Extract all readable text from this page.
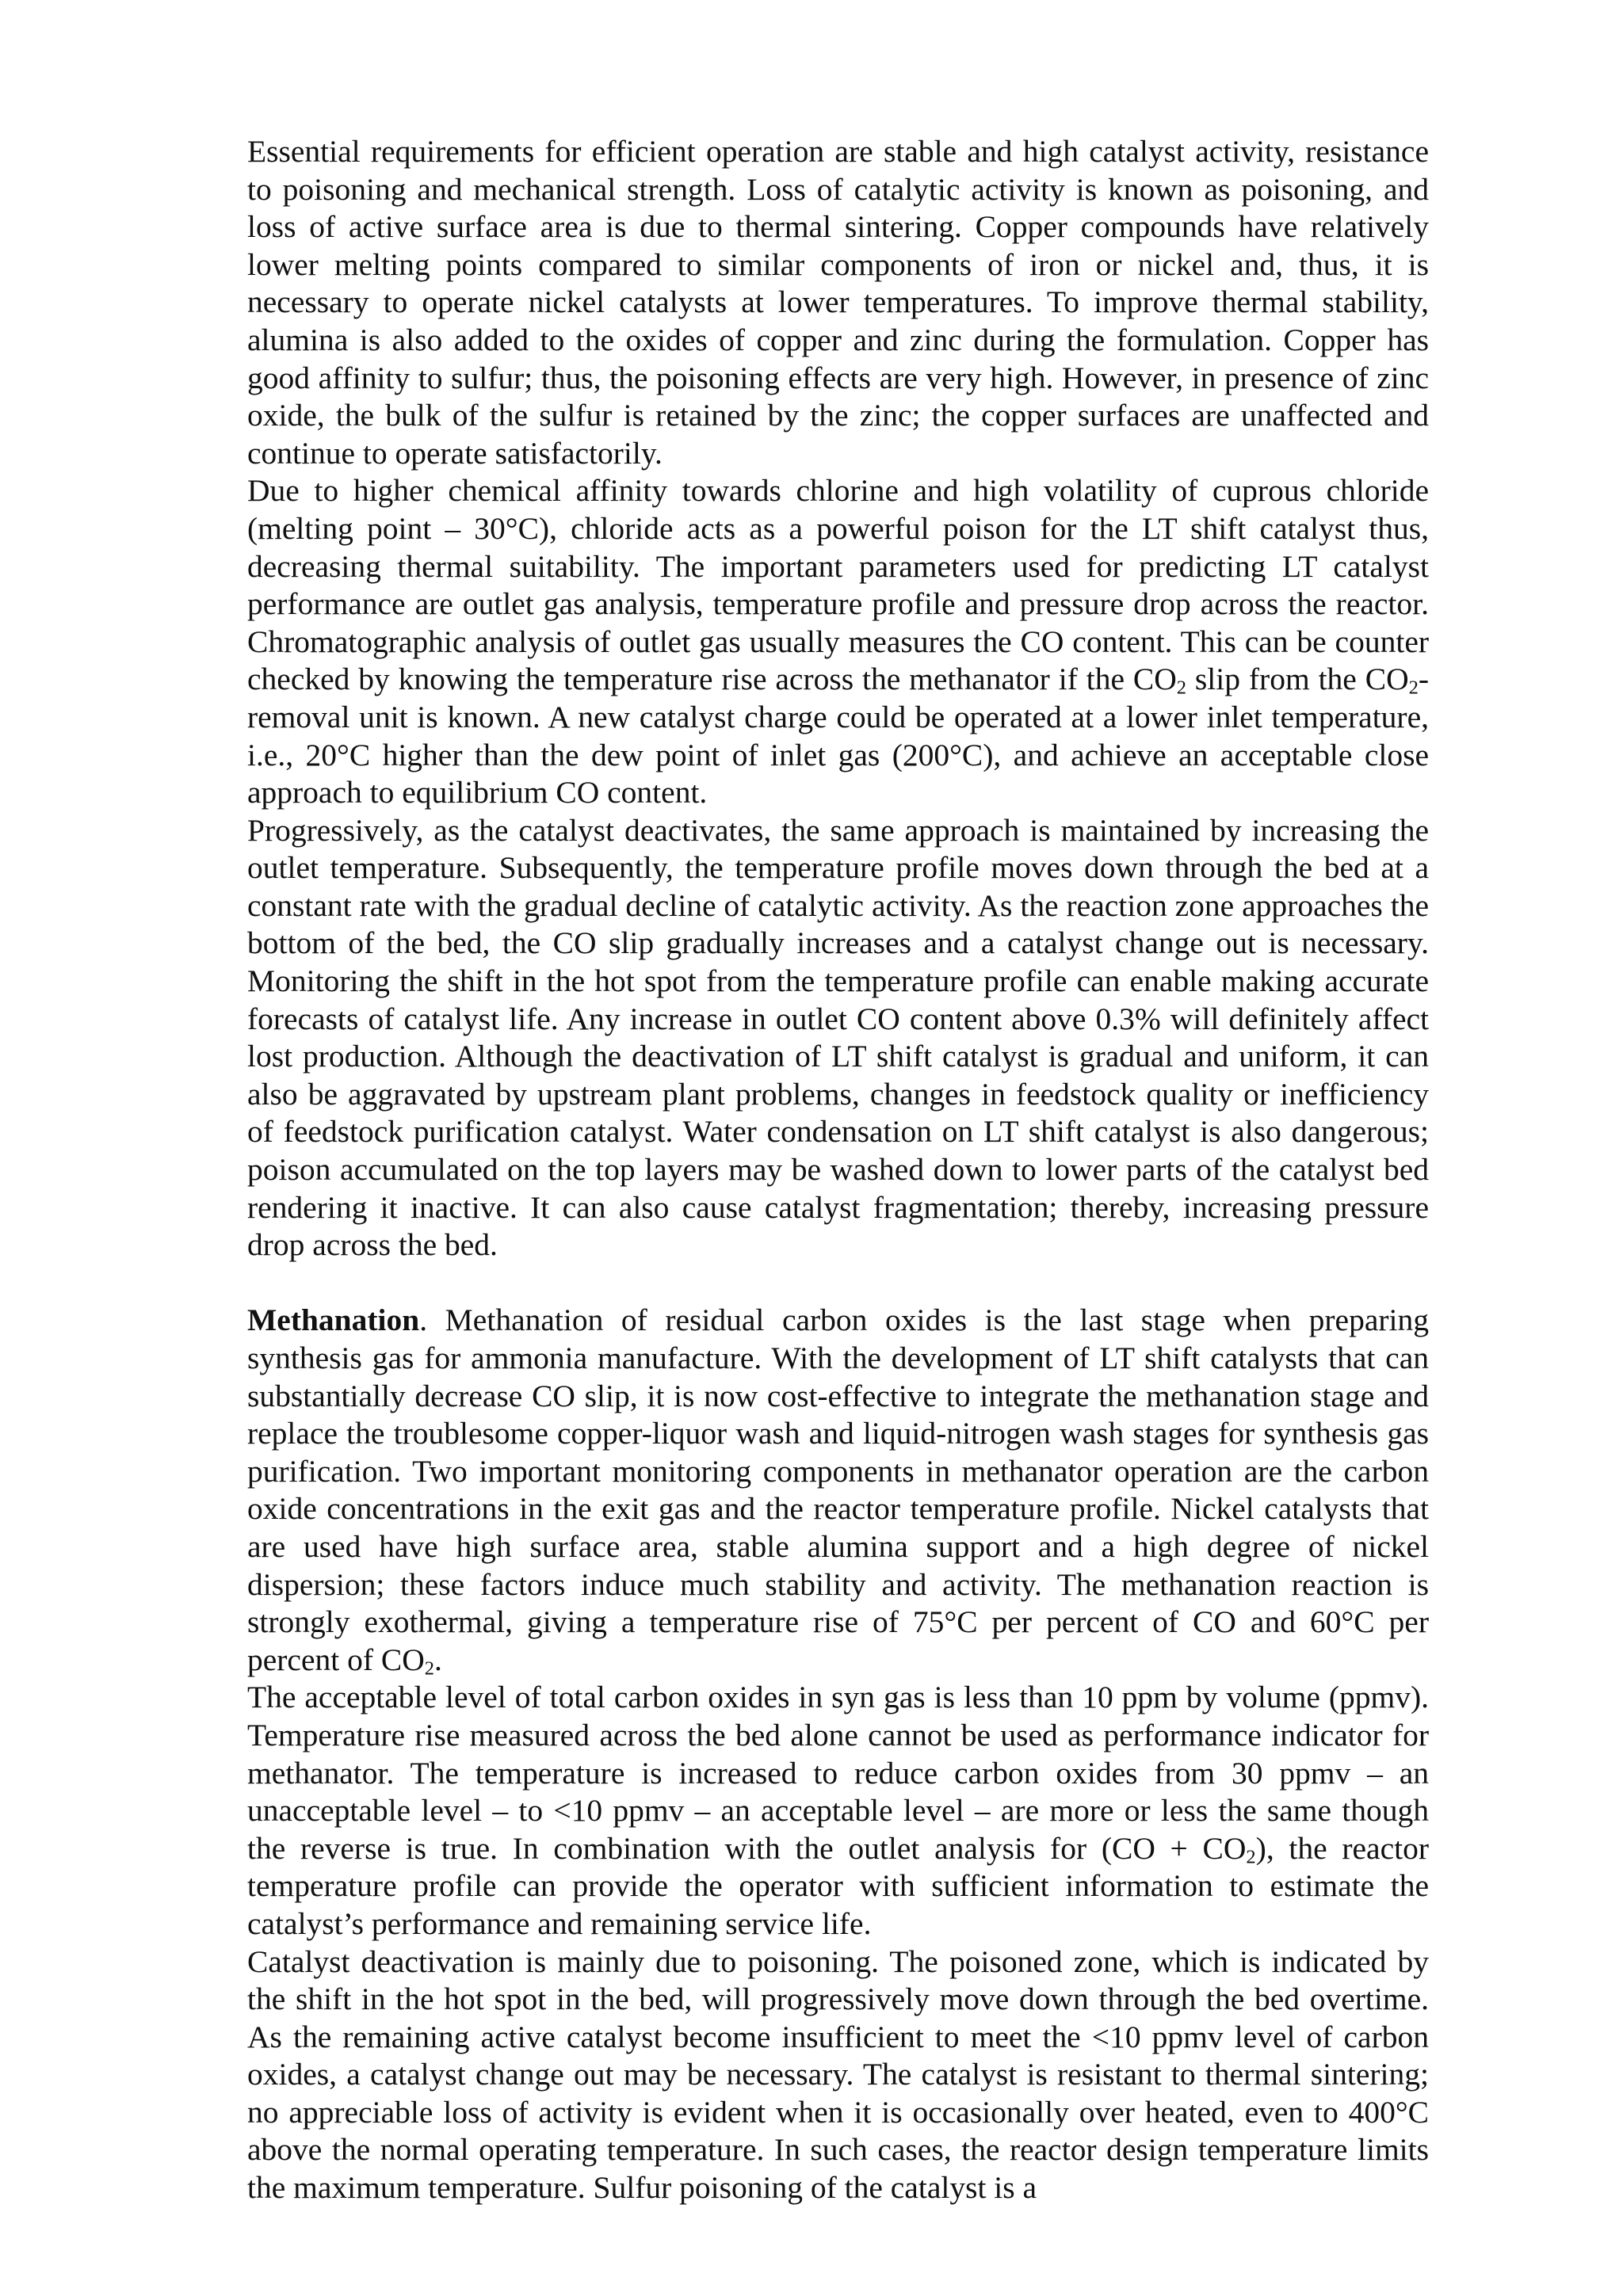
Essential requirements for efficient operation are stable and high catalyst activity, resistance to poisoning and mechanical strength. Loss of catalytic activity is known as poisoning, and loss of active surface area is due to thermal sintering. Copper compounds have relatively lower melting points compared to similar components of iron or nickel and, thus, it is necessary to operate nickel catalysts at lower temperatures. To improve thermal stability, alumina is also added to the oxides of copper and zinc during the formulation. Copper has good affinity to sulfur; thus, the poisoning effects are very high. However, in presence of zinc oxide, the bulk of the sulfur is retained by the zinc; the copper surfaces are unaffected and continue to operate satisfactorily.

Due to higher chemical affinity towards chlorine and high volatility of cuprous chloride (melting point – 30°C), chloride acts as a powerful poison for the LT shift catalyst thus, decreasing thermal suitability. The important parameters used for predicting LT catalyst performance are outlet gas analysis, temperature profile and pressure drop across the reactor. Chromatographic analysis of outlet gas usually measures the CO content. This can be counter checked by knowing the temperature rise across the methanator if the $CO_2$ slip from the $CO_2$-removal unit is known. A new catalyst charge could be operated at a lower inlet temperature, i.e., 20°C higher than the dew point of inlet gas (200°C), and achieve an acceptable close approach to equilibrium CO content.

Progressively, as the catalyst deactivates, the same approach is maintained by increasing the outlet temperature. Subsequently, the temperature profile moves down through the bed at a constant rate with the gradual decline of catalytic activity. As the reaction zone approaches the bottom of the bed, the CO slip gradually increases and a catalyst change out is necessary. Monitoring the shift in the hot spot from the temperature profile can enable making accurate forecasts of catalyst life. Any increase in outlet CO content above 0.3% will definitely affect lost production. Although the deactivation of LT shift catalyst is gradual and uniform, it can also be aggravated by upstream plant problems, changes in feedstock quality or inefficiency of feedstock purification catalyst. Water condensation on LT shift catalyst is also dangerous; poison accumulated on the top layers may be washed down to lower parts of the catalyst bed rendering it inactive. It can also cause catalyst fragmentation; thereby, increasing pressure drop across the bed.

Methanation. Methanation of residual carbon oxides is the last stage when preparing synthesis gas for ammonia manufacture. With the development of LT shift catalysts that can substantially decrease CO slip, it is now cost-effective to integrate the methanation stage and replace the troublesome copper-liquor wash and liquid-nitrogen wash stages for synthesis gas purification. Two important monitoring components in methanator operation are the carbon oxide concentrations in the exit gas and the reactor temperature profile. Nickel catalysts that are used have high surface area, stable alumina support and a high degree of nickel dispersion; these factors induce much stability and activity. The methanation reaction is strongly exothermal, giving a temperature rise of 75°C per percent of CO and 60°C per percent of $CO_2$.

The acceptable level of total carbon oxides in syn gas is less than 10 ppm by volume (ppmv). Temperature rise measured across the bed alone cannot be used as performance indicator for methanator. The temperature is increased to reduce carbon oxides from 30 ppmv – an unacceptable level – to <10 ppmv – an acceptable level – are more or less the same though the reverse is true. In combination with the outlet analysis for $(CO + CO_2)$, the reactor temperature profile can provide the operator with sufficient information to estimate the catalyst’s performance and remaining service life.

Catalyst deactivation is mainly due to poisoning. The poisoned zone, which is indicated by the shift in the hot spot in the bed, will progressively move down through the bed overtime. As the remaining active catalyst become insufficient to meet the <10 ppmv level of carbon oxides, a catalyst change out may be necessary. The catalyst is resistant to thermal sintering; no appreciable loss of activity is evident when it is occasionally over heated, even to 400°C above the normal operating temperature. In such cases, the reactor design temperature limits the maximum temperature. Sulfur poisoning of the catalyst is a
